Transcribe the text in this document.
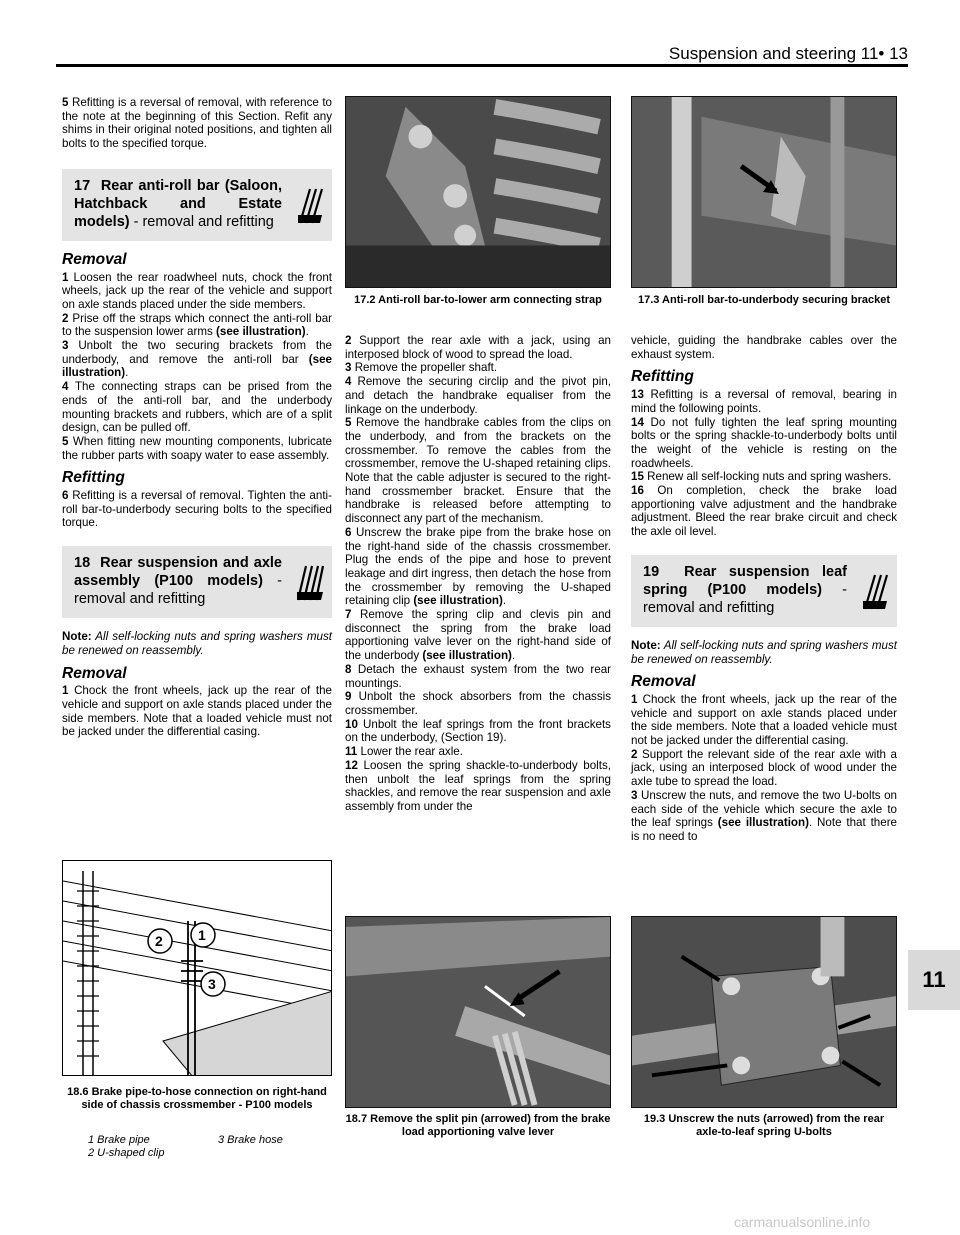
Suspension and steering 11• 13

5 Refitting is a reversal of removal, with reference to the note at the beginning of this Section. Refit any shims in their original noted positions, and tighten all bolts to the specified torque.

17 Rear anti-roll bar (Saloon, Hatchback and Estate models) - removal and refitting
Removal

1 Loosen the rear roadwheel nuts, chock the front wheels, jack up the rear of the vehicle and support on axle stands placed under the side members.

2 Prise off the straps which connect the anti-roll bar to the suspension lower arms (see illustration).

3 Unbolt the two securing brackets from the underbody, and remove the anti-roll bar (see illustration).

4 The connecting straps can be prised from the ends of the anti-roll bar, and the underbody mounting brackets and rubbers, which are of a split design, can be pulled off.

5 When fitting new mounting components, lubricate the rubber parts with soapy water to ease assembly.

Refitting

6 Refitting is a reversal of removal. Tighten the anti-roll bar-to-underbody securing bolts to the specified torque.

18 Rear suspension and axle assembly (P100 models) - removal and refitting

Note: All self-locking nuts and spring washers must be renewed on reassembly.

Removal

1 Chock the front wheels, jack up the rear of the vehicle and support on axle stands placed under the side members. Note that a loaded vehicle must not be jacked under the differential casing.

17.2 Anti-roll bar-to-lower arm connecting strap	17.3 Anti-roll bar-to-underbody securing bracket

2 Support the rear axle with a jack, using an interposed block of wood to spread the load.

3 Remove the propeller shaft.

4 Remove the securing circlip and the pivot pin, and detach the handbrake equaliser from the linkage on the underbody.

5 Remove the handbrake cables from the clips on the underbody, and from the brackets on the crossmember. To remove the cables from the crossmember, remove the U-shaped retaining clips. Note that the cable adjuster is secured to the right-hand crossmember bracket. Ensure that the handbrake is released before attempting to disconnect any part of the mechanism.

6 Unscrew the brake pipe from the brake hose on the right-hand side of the chassis crossmember. Plug the ends of the pipe and hose to prevent leakage and dirt ingress, then detach the hose from the crossmember by removing the U-shaped retaining clip (see illustration).

7 Remove the spring clip and clevis pin and disconnect the spring from the brake load apportioning valve lever on the right-hand side of the underbody (see illustration).

8 Detach the exhaust system from the two rear mountings.

9 Unbolt the shock absorbers from the chassis crossmember.

10 Unbolt the leaf springs from the front brackets on the underbody, (Section 19).

11 Lower the rear axle.

12 Loosen the spring shackle-to-underbody bolts, then unbolt the leaf springs from the spring shackles, and remove the rear suspension and axle assembly from under the

vehicle, guiding the handbrake cables over the exhaust system.

Refitting

13 Refitting is a reversal of removal, bearing in mind the following points.

14 Do not fully tighten the leaf spring mounting bolts or the spring shackle-to-underbody bolts until the weight of the vehicle is resting on the roadwheels.

15 Renew all self-locking nuts and spring washers.

16 On completion, check the brake load apportioning valve adjustment and the handbrake adjustment. Bleed the rear brake circuit and check the axle oil level.

19 Rear suspension leaf spring (P100 models) - removal and refitting

Note: All self-locking nuts and spring washers must be renewed on reassembly.

Removal

1 Chock the front wheels, jack up the rear of the vehicle and support on axle stands placed under the side members. Note that a loaded vehicle must not be jacked under the differential casing.

2 Support the relevant side of the rear axle with a jack, using an interposed block of wood under the axle tube to spread the load.

3 Unscrew the nuts, and remove the two U-bolts on each side of the vehicle which secure the axle to the leaf springs (see illustration). Note that there is no need to

1
2
3
18.6 Brake pipe-to-hose connection on right-hand side of chassis crossmember - P100 models
1 Brake pipe	3 Brake hose
2 U-shaped clip
18.7 Remove the split pin (arrowed) from the brake load apportioning valve lever
19.3 Unscrew the nuts (arrowed) from the rear axle-to-leaf spring U-bolts
11
carmanualsonline.info
